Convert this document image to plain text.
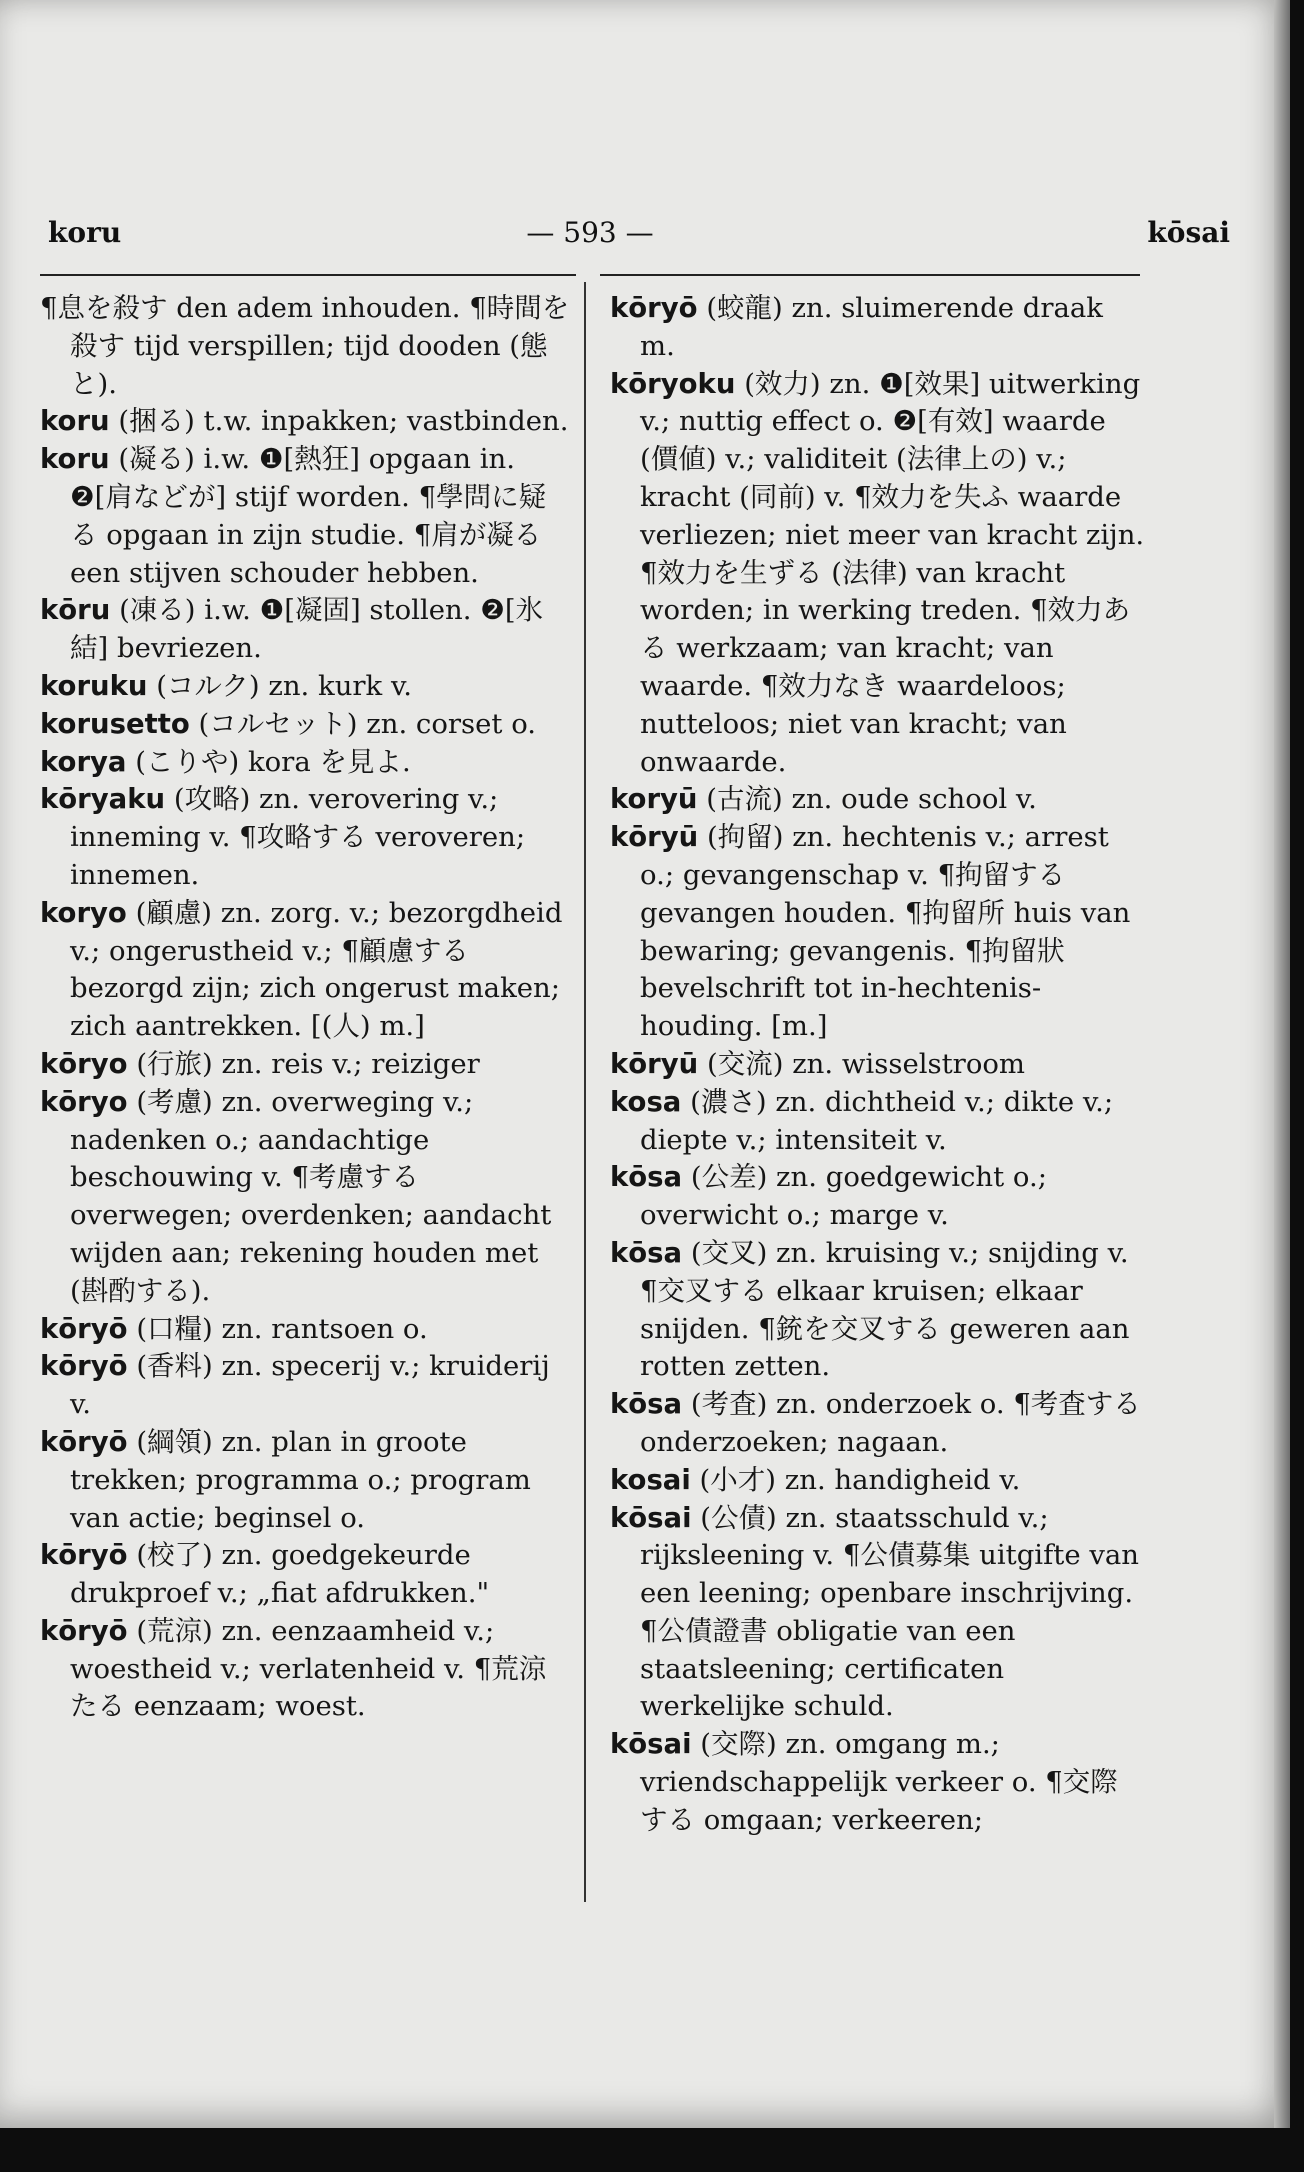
koru	— 593 —	kōsai

¶息を殺す den adem inhouden. ¶時間を殺す tijd verspillen; tijd dooden (態と).

koru (捆る) t.w. inpakken; vastbinden.

koru (凝る) i.w. ❶[熱狂] opgaan in. ❷[肩などが] stijf worden. ¶學問に疑る opgaan in zijn studie. ¶肩が凝る een stijven schouder hebben.

kōru (凍る) i.w. ❶[凝固] stollen. ❷[氷結] bevriezen.

koruku (コルク) zn. kurk v.

korusetto (コルセット) zn. corset o.

korya (こりや) kora を見よ.

kōryaku (攻略) zn. verovering v.; inneming v. ¶攻略する veroveren; innemen.

koryo (顧慮) zn. zorg. v.; bezorgdheid v.; ongerustheid v.; ¶顧慮する bezorgd zijn; zich ongerust maken; zich aantrekken. [(人) m.]

kōryo (行旅) zn. reis v.; reiziger

kōryo (考慮) zn. overweging v.; nadenken o.; aandachtige beschouwing v. ¶考慮する overwegen; overdenken; aandacht wijden aan; rekening houden met (斟酌する).

kōryō (口糧) zn. rantsoen o.

kōryō (香料) zn. specerij v.; kruiderij v.

kōryō (綱領) zn. plan in groote trekken; programma o.; program van actie; beginsel o.

kōryō (校了) zn. goedgekeurde drukproef v.; „fiat afdrukken."

kōryō (荒涼) zn. eenzaamheid v.; woestheid v.; verlatenheid v. ¶荒涼たる eenzaam; woest.

kōryō (蛟龍) zn. sluimerende draak m.

kōryoku (效力) zn. ❶[效果] uitwerking v.; nuttig effect o. ❷[有效] waarde (價値) v.; validiteit (法律上の) v.; kracht (同前) v. ¶效力を失ふ waarde verliezen; niet meer van kracht zijn. ¶效力を生ずる (法律) van kracht worden; in werking treden. ¶效力ある werkzaam; van kracht; van waarde. ¶效力なき waardeloos; nutteloos; niet van kracht; van onwaarde.

koryū (古流) zn. oude school v.

kōryū (拘留) zn. hechtenis v.; arrest o.; gevangenschap v. ¶拘留する gevangen houden. ¶拘留所 huis van bewaring; gevangenis. ¶拘留狀 bevelschrift tot in-hechtenis-houding. [m.]

kōryū (交流) zn. wisselstroom

kosa (濃さ) zn. dichtheid v.; dikte v.; diepte v.; intensiteit v.

kōsa (公差) zn. goedgewicht o.; overwicht o.; marge v.

kōsa (交叉) zn. kruising v.; snijding v. ¶交叉する elkaar kruisen; elkaar snijden. ¶銃を交叉する geweren aan rotten zetten.

kōsa (考査) zn. onderzoek o. ¶考査する onderzoeken; nagaan.

kosai (小才) zn. handigheid v.

kōsai (公債) zn. staatsschuld v.; rijksleening v. ¶公債募集 uitgifte van een leening; openbare inschrijving. ¶公債證書 obligatie van een staatsleening; certificaten werkelijke schuld.

kōsai (交際) zn. omgang m.; vriendschappelijk verkeer o. ¶交際する omgaan; verkeeren;
